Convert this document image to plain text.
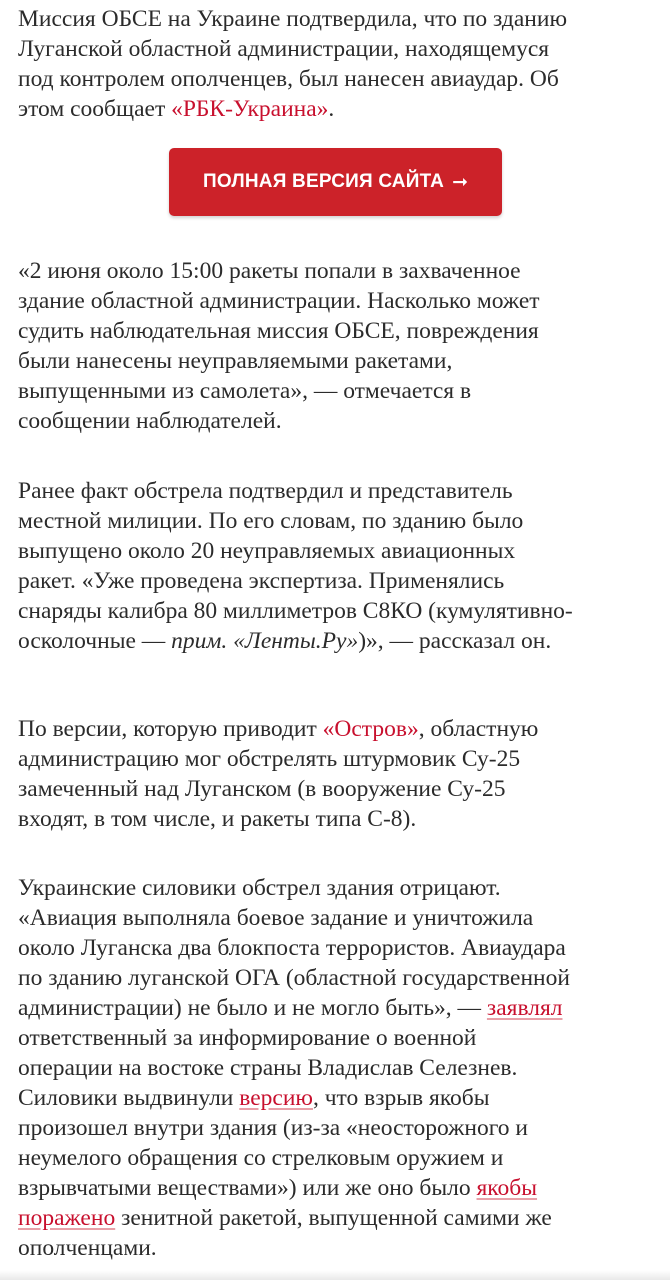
Миссия ОБСЕ на Украине подтвердила, что по зданию
Луганской областной администрации, находящемуся
под контролем ополченцев, был нанесен авиаудар. Об
этом сообщает «РБК-Украина».

«2 июня около 15:00 ракеты попали в захваченное
здание областной администрации. Насколько может
судить наблюдательная миссия ОБСЕ, повреждения
были нанесены неуправляемыми ракетами,
выпущенными из самолета», — отмечается в
сообщении наблюдателей.

Ранее факт обстрела подтвердил и представитель
местной милиции. По его словам, по зданию было
выпущено около 20 неуправляемых авиационных
ракет. «Уже проведена экспертиза. Применялись
снаряды калибра 80 миллиметров С8КО (кумулятивно-
осколочные — прим. «Ленты.Ру»)», — рассказал он.

По версии, которую приводит «Остров», областную
администрацию мог обстрелять штурмовик Су-25
замеченный над Луганском (в вооружение Су-25
входят, в том числе, и ракеты типа С-8).

Украинские силовики обстрел здания отрицают.
«Авиация выполняла боевое задание и уничтожила
около Луганска два блокпоста террористов. Авиаудара
по зданию луганской ОГА (областной государственной
администрации) не было и не могло быть», — заявлял
ответственный за информирование о военной
операции на востоке страны Владислав Селезнев.
Силовики выдвинули версию, что взрыв якобы
произошел внутри здания (из-за «неосторожного и
неумелого обращения со стрелковым оружием и
взрывчатыми веществами») или же оно было якобы
поражено зенитной ракетой, выпущенной самими же
ополченцами.

ПОЛНАЯ ВЕРСИЯ САЙТА ➞
